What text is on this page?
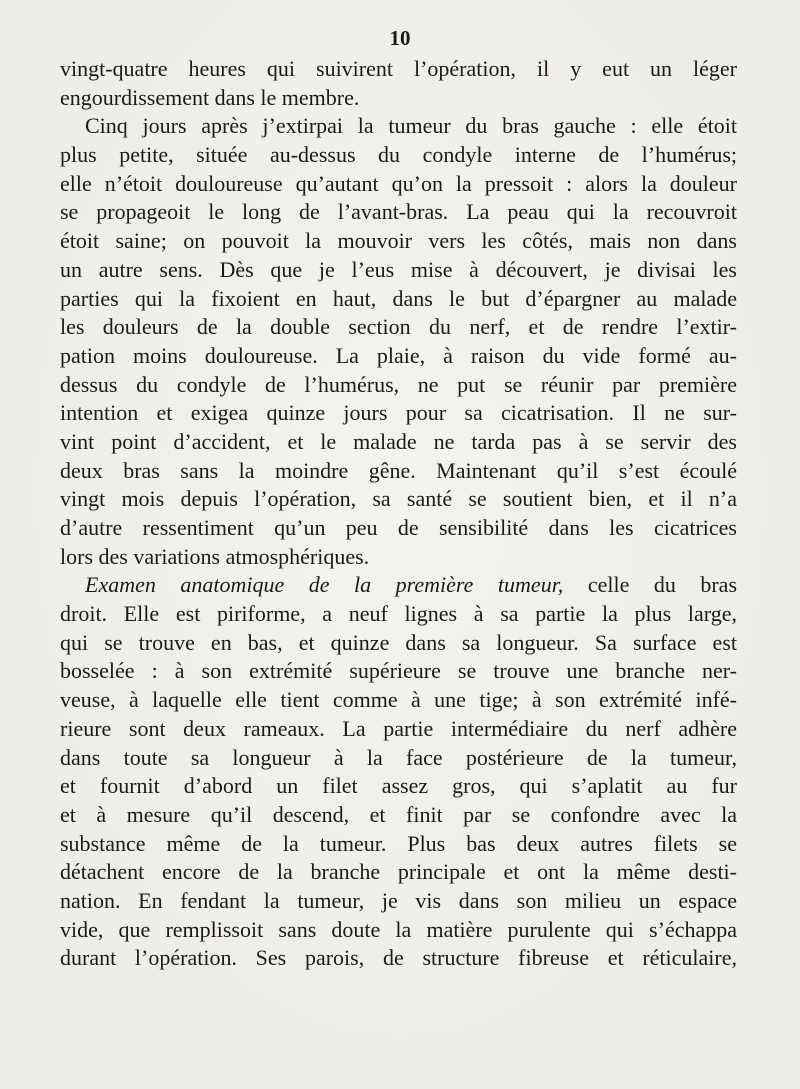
10
vingt-quatre heures qui suivirent l’opération, il y eut un léger
engourdissement dans le membre.
Cinq jours après j’extirpai la tumeur du bras gauche : elle étoit
plus petite, située au-dessus du condyle interne de l’humérus;
elle n’étoit douloureuse qu’autant qu’on la pressoit : alors la douleur
se propageoit le long de l’avant-bras. La peau qui la recouvroit
étoit saine; on pouvoit la mouvoir vers les côtés, mais non dans
un autre sens. Dès que je l’eus mise à découvert, je divisai les
parties qui la fixoient en haut, dans le but d’épargner au malade
les douleurs de la double section du nerf, et de rendre l’extir-
pation moins douloureuse. La plaie, à raison du vide formé au-
dessus du condyle de l’humérus, ne put se réunir par première
intention et exigea quinze jours pour sa cicatrisation. Il ne sur-
vint point d’accident, et le malade ne tarda pas à se servir des
deux bras sans la moindre gêne. Maintenant qu’il s’est écoulé
vingt mois depuis l’opération, sa santé se soutient bien, et il n’a
d’autre ressentiment qu’un peu de sensibilité dans les cicatrices
lors des variations atmosphériques.
Examen anatomique de la première tumeur, celle du bras
droit. Elle est piriforme, a neuf lignes à sa partie la plus large,
qui se trouve en bas, et quinze dans sa longueur. Sa surface est
bosselée : à son extrémité supérieure se trouve une branche ner-
veuse, à laquelle elle tient comme à une tige; à son extrémité infé-
rieure sont deux rameaux. La partie intermédiaire du nerf adhère
dans toute sa longueur à la face postérieure de la tumeur,
et fournit d’abord un filet assez gros, qui s’aplatit au fur
et à mesure qu’il descend, et finit par se confondre avec la
substance même de la tumeur. Plus bas deux autres filets se
détachent encore de la branche principale et ont la même desti-
nation. En fendant la tumeur, je vis dans son milieu un espace
vide, que remplissoit sans doute la matière purulente qui s’échappa
durant l’opération. Ses parois, de structure fibreuse et réticulaire,
